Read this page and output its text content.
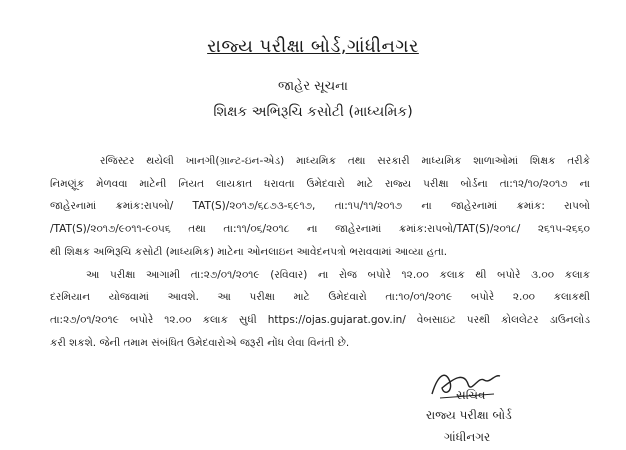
રાજ્ય પરીક્ષા બોર્ડ,ગાંધીનગર
જાહેર સૂચના
શિક્ષક અભિરૂચિ કસોટી (માધ્યમિક)
રજિસ્ટર થયેલી ખાનગી(ગ્રાન્ટ-ઇન-એડ) માધ્યમિક તથા સરકારી માધ્યમિક શાળાઓમાં શિક્ષક તરીકે
નિમણૂંક મેળવવા માટેની નિયત લાયકાત ધરાવતા ઉમેદવારો માટે રાજ્ય પરીક્ષા બોર્ડના તા:૧૨/૧૦/૨૦૧૭ ના
જાહેરનામાં ક્રમાંક:રાપબો/ TAT(S)/૨૦૧૭/૬૮૭૩-૬૯૧૭, તા:૧૫/૧૧/૨૦૧૭ ના જાહેરનામાં ક્રમાંક: રાપબો
/TAT(S)/૨૦૧૭/૯૦૧૧-૯૦૫૬ તથા તા:૧૧/૦૬/૨૦૧૮ ના જાહેરનામાં ક્રમાંક:રાપબો/TAT(S)/૨૦૧૮/ ૨૬૧૫-૨૬૬૦
થી શિક્ષક અભિરૂચિ કસોટી (માધ્યમિક) માટેના ઓનલાઇન આવેદનપત્રો ભરાવવામાં આવ્યા હતા.
આ પરીક્ષા આગામી તા:૨૭/૦૧/૨૦૧૯ (રવિવાર) ના રોજ બપોરે ૧૨.૦૦ કલાક થી બપોરે ૩.૦૦ કલાક
દરમિયાન યોજવામાં આવશે. આ પરીક્ષા માટે ઉમેદવારો તા:૧૦/૦૧/૨૦૧૯ બપોરે ૨.૦૦ કલાકથી
તા:૨૭/૦૧/૨૦૧૯ બપોરે ૧૨.૦૦ કલાક સુધી https://ojas.gujarat.gov.in/ વેબસાઇટ પરથી કોલલેટર ડાઉનલોડ
કરી શકશે. જેની તમામ સંબંધિત ઉમેદવારોએ જરૂરી નોંધ લેવા વિનંતી છે.
સચિવ
રાજ્ય પરીક્ષા બોર્ડ
ગાંધીનગર
